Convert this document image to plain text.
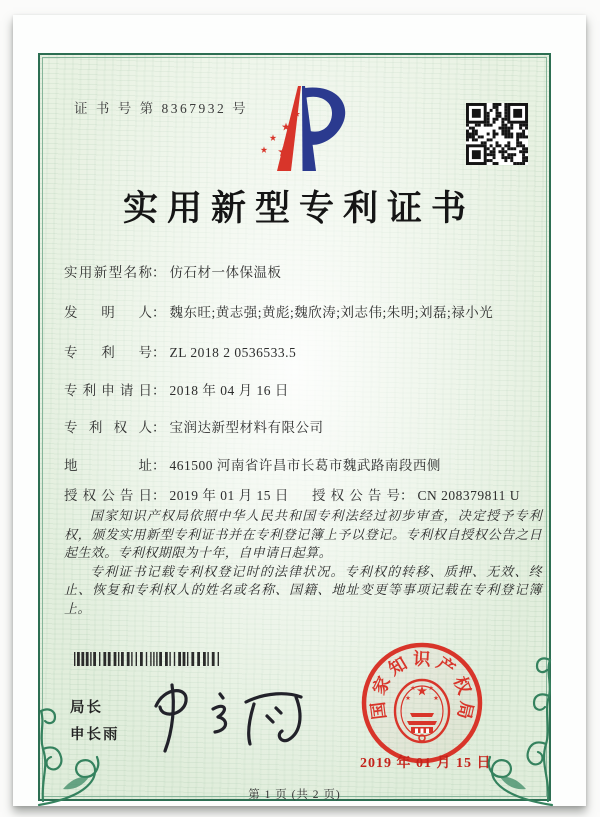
证 书 号 第 8367932 号
实用新型专利证书
实用新型名称： 仿石材一体保温板
发明人： 魏东旺;黄志强;黄彪;魏欣涛;刘志伟;朱明;刘磊;禄小光
专利号： ZL 2018 2 0536533.5
专利申请日： 2018 年 04 月 16 日
专利权人： 宝润达新型材料有限公司
地址： 461500 河南省许昌市长葛市魏武路南段西侧
授权公告日： 2019 年 01 月 15 日 授权公告号： CN 208379811 U

国家知识产权局依照中华人民共和国专利法经过初步审查，决定授予专利权，颁发实用新型专利证书并在专利登记簿上予以登记。专利权自授权公告之日起生效。专利权期限为十年，自申请日起算。

专利证书记载专利权登记时的法律状况。专利权的转移、质押、无效、终止、恢复和专利权人的姓名或名称、国籍、地址变更等事项记载在专利登记簿上。

局长
申长雨
国家知识产权局
2019 年 01 月 15 日
第 1 页 (共 2 页)
